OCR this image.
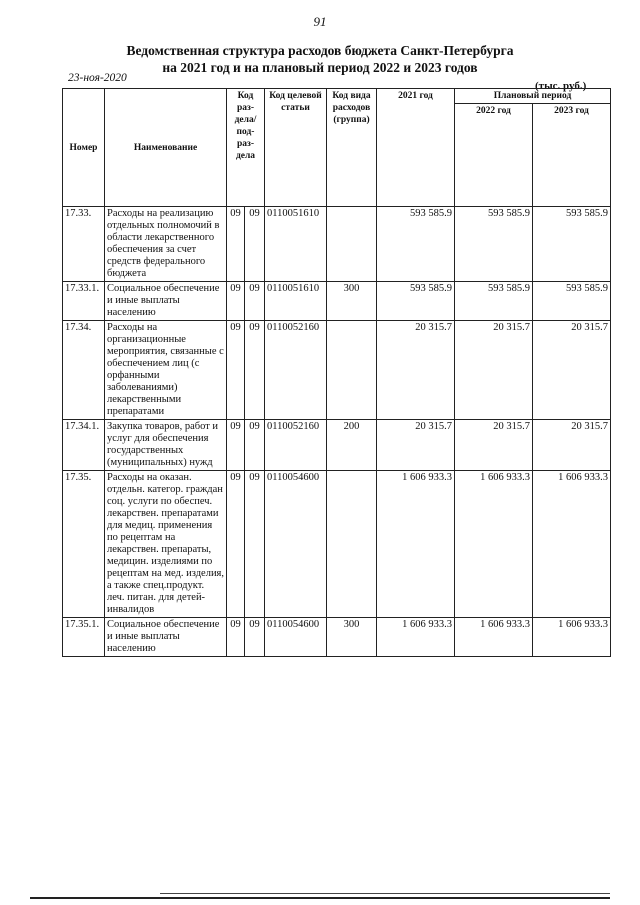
91
Ведомственная структура расходов бюджета Санкт-Петербурга
на 2021 год и на плановый период 2022 и 2023 годов
23-ноя-2020
(тыс. руб.)
Номер	Наименование	Код раз-дела/ под-раз-дела		Код целевой статьи	Код вида расходов (группа)	2021 год	Плановый период	
							2022 год	2023 год
17.33.	Расходы на реализацию отдельных полномочий в области лекарственного обеспечения за счет средств федерального бюджета	09	09	0110051610		593 585.9	593 585.9	593 585.9
17.33.1.	Социальное обеспечение и иные выплаты населению	09	09	0110051610	300	593 585.9	593 585.9	593 585.9
17.34.	Расходы на организационные мероприятия, связанные с обеспечением лиц (с орфанными заболеваниями) лекарственными препаратами	09	09	0110052160		20 315.7	20 315.7	20 315.7
17.34.1.	Закупка товаров, работ и услуг для обеспечения государственных (муниципальных) нужд	09	09	0110052160	200	20 315.7	20 315.7	20 315.7
17.35.	Расходы на оказан. отдельн. категор. граждан соц. услуги по обеспеч. лекарствен. препаратами для медиц. применения по рецептам на лекарствен. препараты, медицин. изделиями по рецептам на мед. изделия, а также спец.продукт. леч. питан. для детей-инвалидов	09	09	0110054600		1 606 933.3	1 606 933.3	1 606 933.3
17.35.1.	Социальное обеспечение и иные выплаты населению	09	09	0110054600	300	1 606 933.3	1 606 933.3	1 606 933.3
